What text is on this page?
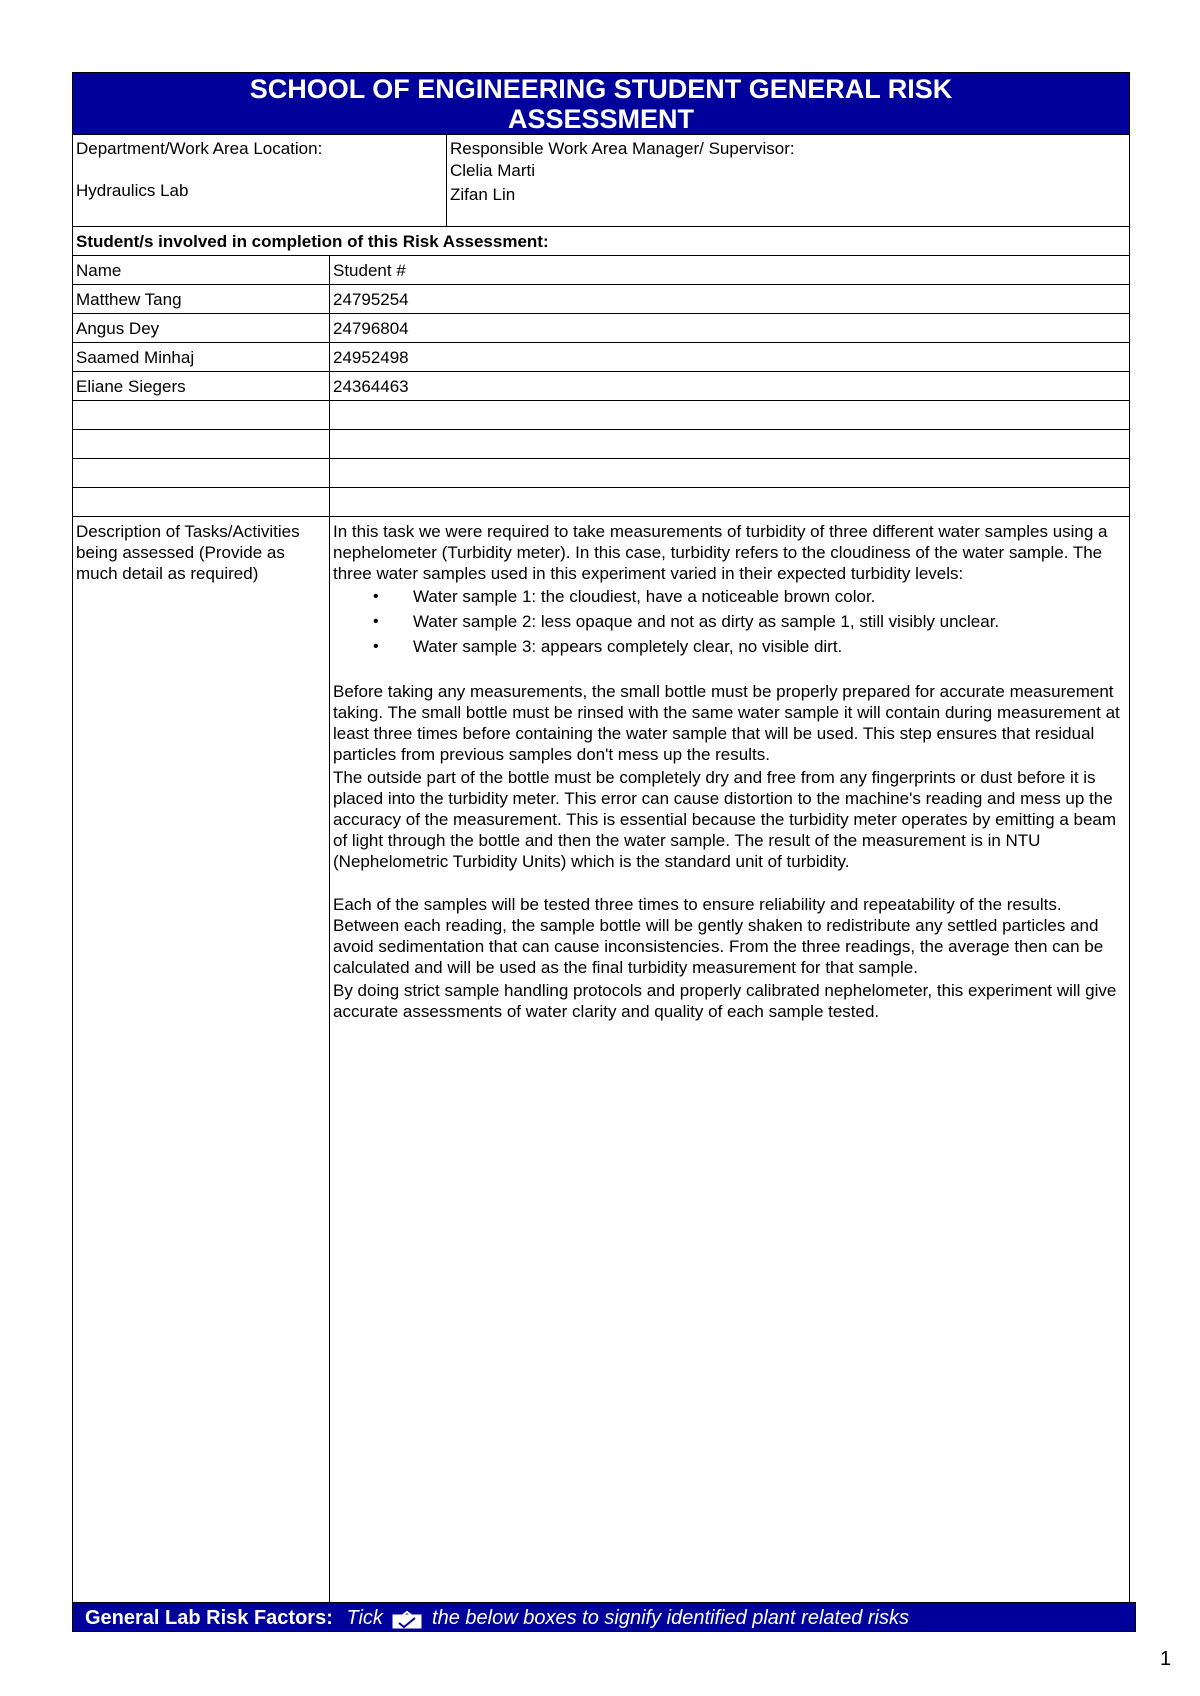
SCHOOL OF ENGINEERING STUDENT GENERAL RISK
ASSESSMENT
Department/Work Area Location:
Hydraulics Lab
Responsible Work Area Manager/ Supervisor:
Clelia Marti
Zifan Lin
Student/s involved in completion of this Risk Assessment:
Name	Student #
Matthew Tang	24795254
Angus Dey	24796804
Saamed Minhaj	24952498
Eliane Siegers	24364463
Description of Tasks/Activities being assessed (Provide as much detail as required)

In this task we were required to take measurements of turbidity of three different water samples using a nephelometer (Turbidity meter). In this case, turbidity refers to the cloudiness of the water sample. The three water samples used in this experiment varied in their expected turbidity levels:

• Water sample 1: the cloudiest, have a noticeable brown color.
• Water sample 2: less opaque and not as dirty as sample 1, still visibly unclear.
• Water sample 3: appears completely clear, no visible dirt.

Before taking any measurements, the small bottle must be properly prepared for accurate measurement taking. The small bottle must be rinsed with the same water sample it will contain during measurement at least three times before containing the water sample that will be used. This step ensures that residual particles from previous samples don't mess up the results.

The outside part of the bottle must be completely dry and free from any fingerprints or dust before it is placed into the turbidity meter. This error can cause distortion to the machine's reading and mess up the accuracy of the measurement. This is essential because the turbidity meter operates by emitting a beam of light through the bottle and then the water sample. The result of the measurement is in NTU (Nephelometric Turbidity Units) which is the standard unit of turbidity.

Each of the samples will be tested three times to ensure reliability and repeatability of the results. Between each reading, the sample bottle will be gently shaken to redistribute any settled particles and avoid sedimentation that can cause inconsistencies. From the three readings, the average then can be calculated and will be used as the final turbidity measurement for that sample.

By doing strict sample handling protocols and properly calibrated nephelometer, this experiment will give accurate assessments of water clarity and quality of each sample tested.

General Lab Risk Factors: Tick the below boxes to signify identified plant related risks
1
